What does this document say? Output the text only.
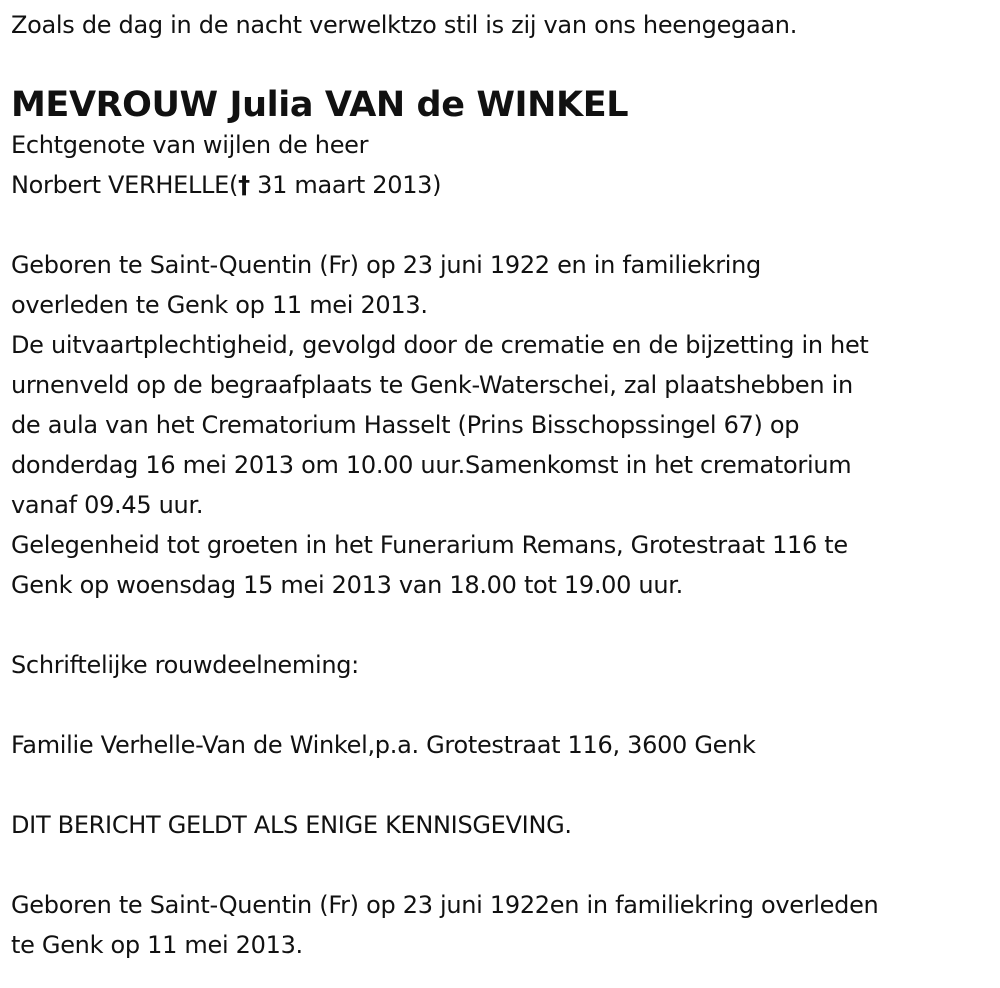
Zoals de dag in de nacht verwelktzo stil is zij van ons heengegaan.
MEVROUW Julia VAN de WINKEL
Echtgenote van wijlen de heer
Norbert VERHELLE(† 31 maart 2013)
Geboren te Saint-Quentin (Fr) op 23 juni 1922 en in familiekring
overleden te Genk op 11 mei 2013.
De uitvaartplechtigheid, gevolgd door de crematie en de bijzetting in het
urnenveld op de begraafplaats te Genk-Waterschei, zal plaatshebben in
de aula van het Crematorium Hasselt (Prins Bisschopssingel 67) op
donderdag 16 mei 2013 om 10.00 uur.Samenkomst in het crematorium
vanaf 09.45 uur.
Gelegenheid tot groeten in het Funerarium Remans, Grotestraat 116 te
Genk op woensdag 15 mei 2013 van 18.00 tot 19.00 uur.
Schriftelijke rouwdeelneming:
Familie Verhelle-Van de Winkel,p.a. Grotestraat 116, 3600 Genk
DIT BERICHT GELDT ALS ENIGE KENNISGEVING.
Geboren te Saint-Quentin (Fr) op 23 juni 1922en in familiekring overleden
te Genk op 11 mei 2013.
